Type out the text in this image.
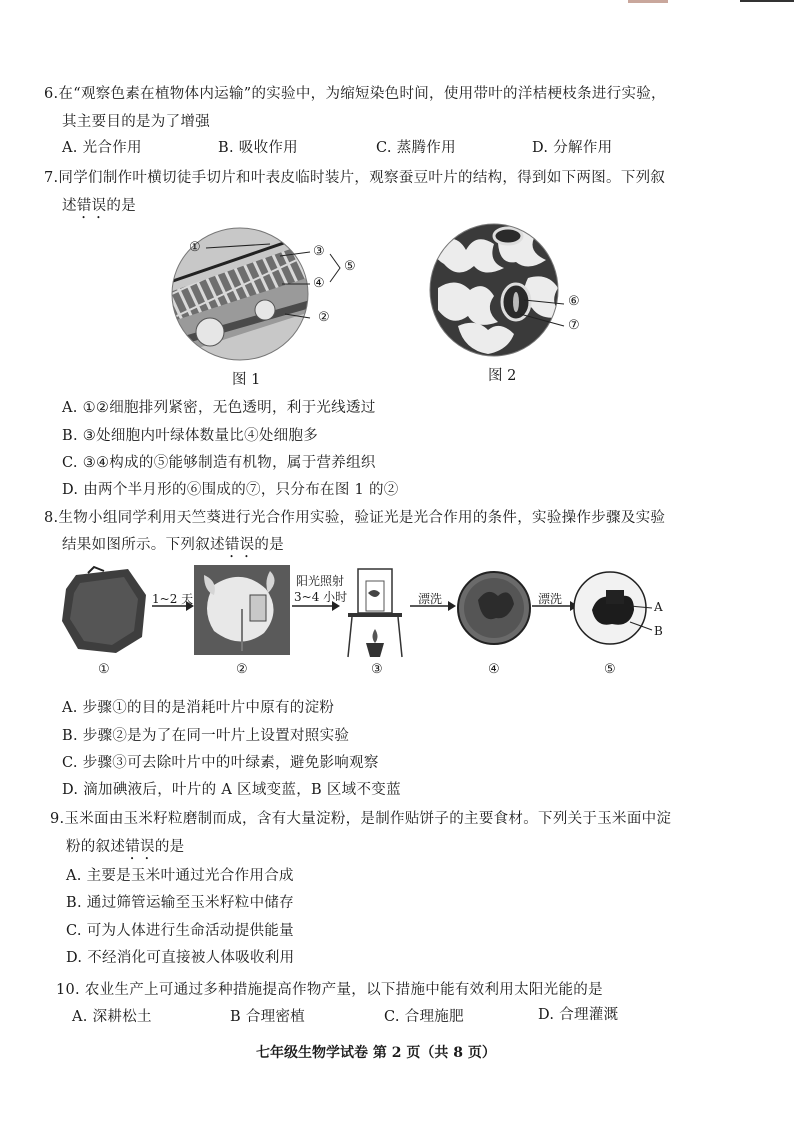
6.在“观察色素在植物体内运输”的实验中，为缩短染色时间，使用带叶的洋桔梗枝条进行实验，
其主要目的是为了增强
A. 光合作用	B. 吸收作用	C. 蒸腾作用	D. 分解作用
7.同学们制作叶横切徒手切片和叶表皮临时装片，观察蚕豆叶片的结构，得到如下两图。下列叙
述错误的是
①	③
④
②
⑤
图 1
⑥
⑦
图 2
A. ①②细胞排列紧密，无色透明，利于光线透过
B. ③处细胞内叶绿体数量比④处细胞多
C. ③④构成的⑤能够制造有机物，属于营养组织
D. 由两个半月形的⑥围成的⑦，只分布在图 1 的②
8.生物小组同学利用天竺葵进行光合作用实验，验证光是光合作用的条件，实验操作步骤及实验
结果如图所示。下列叙述错误的是
1~2 天
阳光照射
3~4 小时	漂洗	漂洗
A
B
①	②	③	④	⑤
A. 步骤①的目的是消耗叶片中原有的淀粉
B. 步骤②是为了在同一叶片上设置对照实验
C. 步骤③可去除叶片中的叶绿素，避免影响观察
D. 滴加碘液后，叶片的 A 区域变蓝，B 区域不变蓝
9.玉米面由玉米籽粒磨制而成，含有大量淀粉，是制作贴饼子的主要食材。下列关于玉米面中淀
粉的叙述错误的是
A. 主要是玉米叶通过光合作用合成
B. 通过筛管运输至玉米籽粒中储存
C. 可为人体进行生命活动提供能量
D. 不经消化可直接被人体吸收利用
10. 农业生产上可通过多种措施提高作物产量，以下措施中能有效利用太阳光能的是
A. 深耕松土	B 合理密植	C. 合理施肥	D. 合理灌溉
七年级生物学试卷 第 2 页（共 8 页）
